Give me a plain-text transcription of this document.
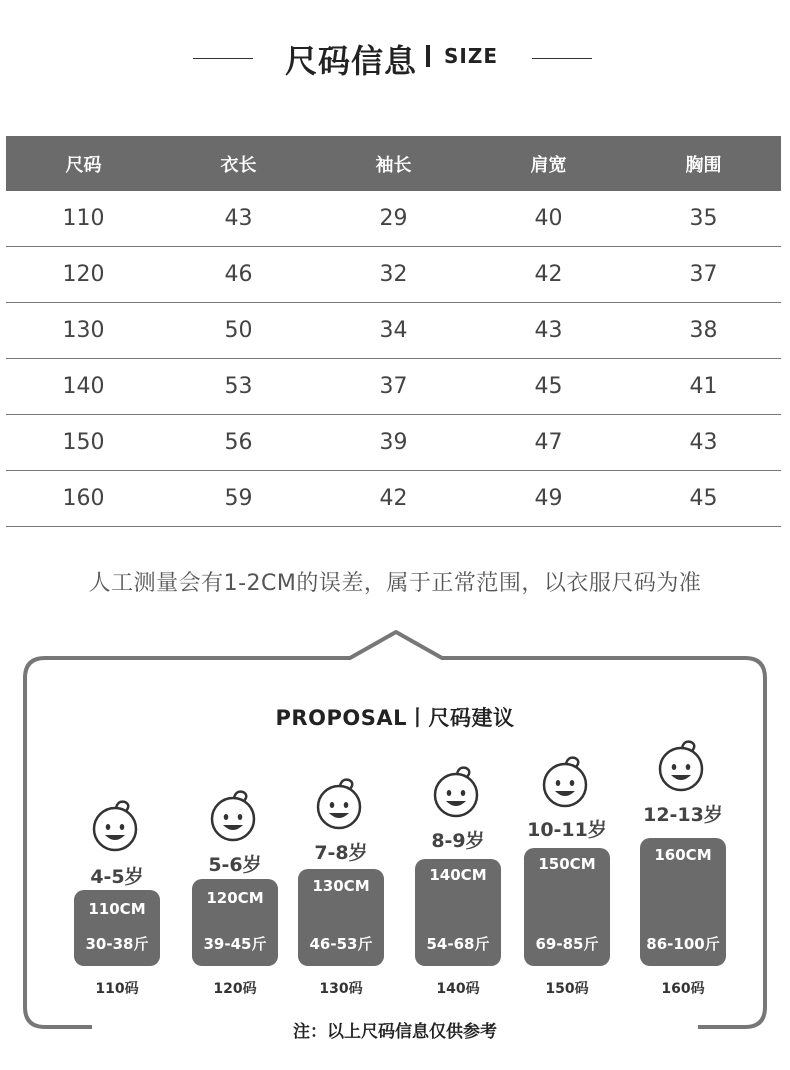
尺码信息 SIZE
尺码	衣长	袖长	肩宽	胸围
110	43	29	40	35
120	46	32	42	37
130	50	34	43	38
140	53	37	45	41
150	56	39	47	43
160	59	42	49	45
人工测量会有1-2CM的误差，属于正常范围，以衣服尺码为准
PROPOSAL丨尺码建议
4-5岁
110CM
30-38斤
110码
5-6岁
120CM
39-45斤
120码
7-8岁
130CM
46-53斤
130码
8-9岁
140CM
54-68斤
140码
10-11岁
150CM
69-85斤
150码
12-13岁
160CM
86-100斤
160码
注：以上尺码信息仅供参考
